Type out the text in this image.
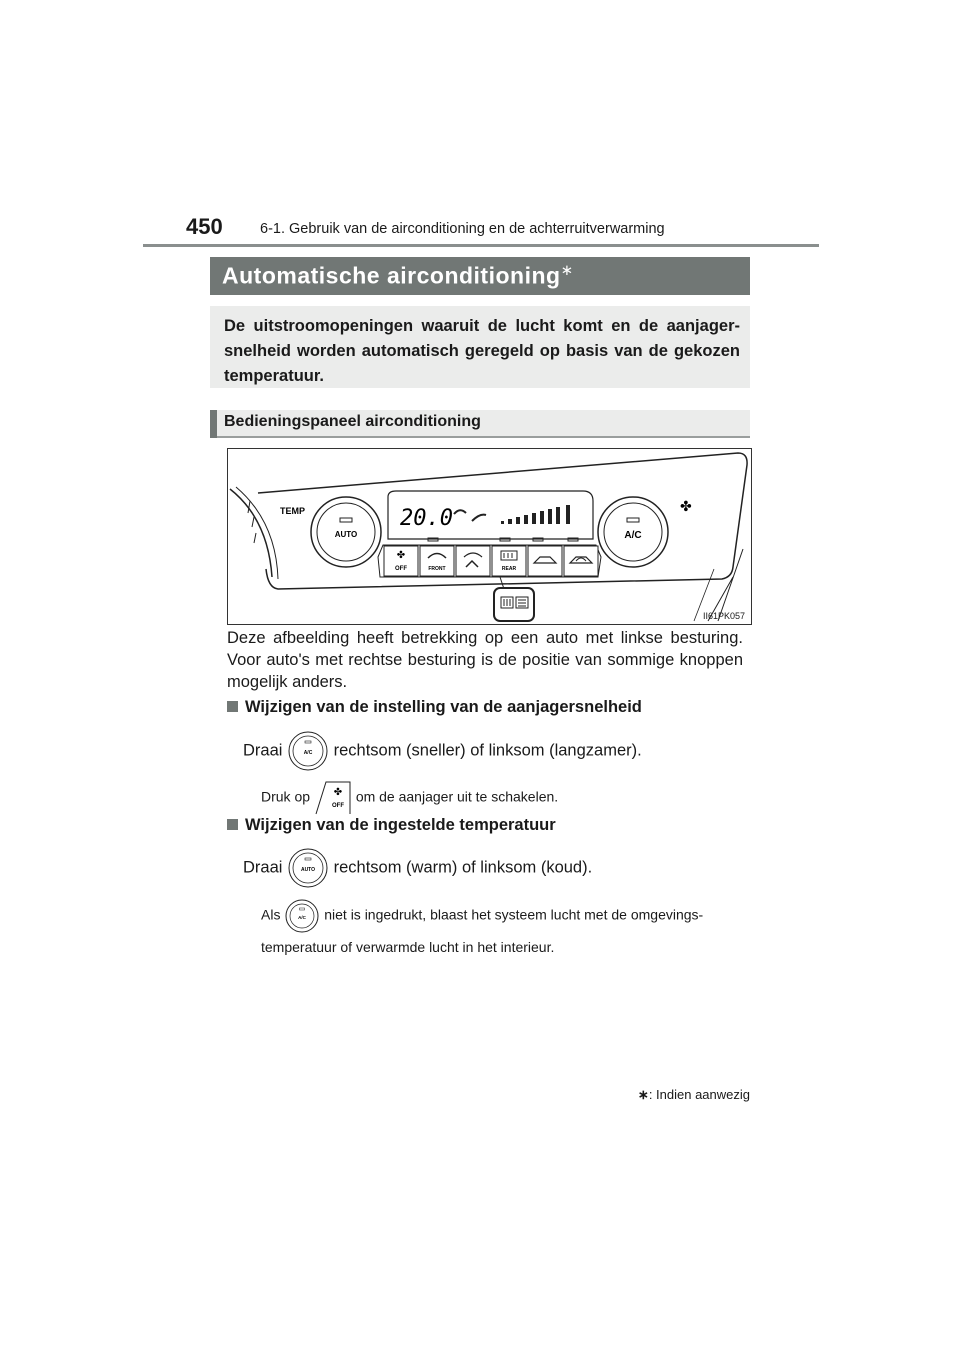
450	6-1. Gebruik van de airconditioning en de achterruitverwarming
Automatische airconditioning∗
De uitstroomopeningen waaruit de lucht komt en de aanjager-snelheid worden automatisch geregeld op basis van de gekozen temperatuur.
Bedieningspaneel airconditioning
TEMP
AUTO
20.0
✤
OFF	FRONT	REAR
A/C
✤
II61PK057
Deze afbeelding heeft betrekking op een auto met linkse besturing. Voor auto's met rechtse besturing is de positie van sommige knoppen mogelijk anders.
Wijzigen van de instelling van de aanjagersnelheid
Draai	A/C rechtsom (sneller) of linksom (langzamer).
Druk op ✤
OFF
om de aanjager uit te schakelen.
Wijzigen van de ingestelde temperatuur
Draai	AUTO rechtsom (warm) of linksom (koud).
Als	A/C niet is ingedrukt, blaast het systeem lucht met de omgevings-
temperatuur of verwarmde lucht in het interieur.
∗: Indien aanwezig
